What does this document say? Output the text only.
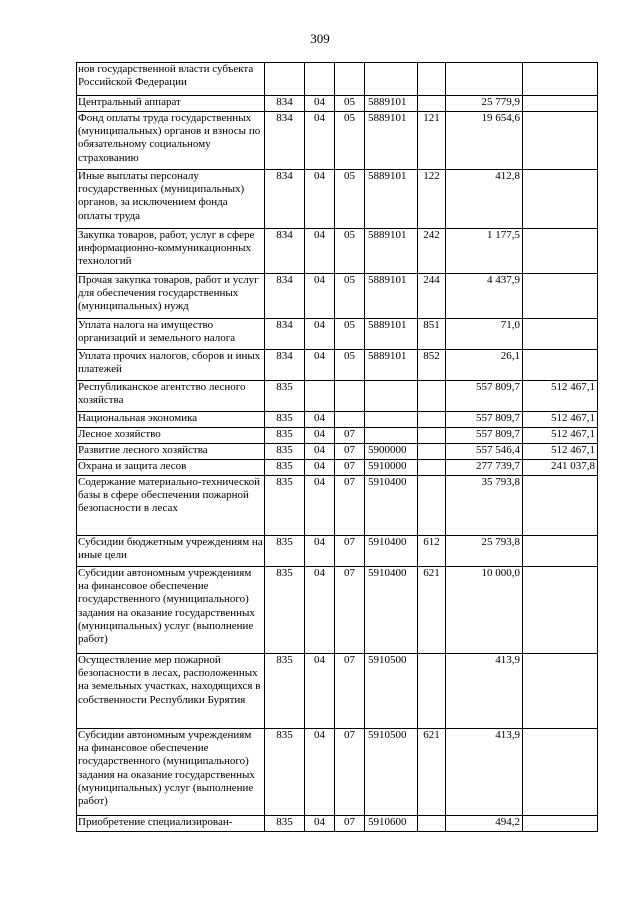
309
нов государственной власти субъекта Российской Федерации							
Центральный аппарат	834	04	05	5889101		25 779,9	
Фонд оплаты труда государственных (муниципальных) органов и взносы по обязательному социальному страхованию	834	04	05	5889101	121	19 654,6	
Иные выплаты персоналу государственных (муниципальных) органов, за исключением фонда оплаты труда	834	04	05	5889101	122	412,8	
Закупка товаров, работ, услуг в сфере информационно-коммуникационных технологий	834	04	05	5889101	242	1 177,5	
Прочая закупка товаров, работ и услуг для обеспечения государственных (муниципальных) нужд	834	04	05	5889101	244	4 437,9	
Уплата налога на имущество организаций и земельного налога	834	04	05	5889101	851	71,0	
Уплата прочих налогов, сборов и иных платежей	834	04	05	5889101	852	26,1	
Республиканское агентство лесного хозяйства	835					557 809,7	512 467,1
Национальная экономика	835	04				557 809,7	512 467,1
Лесное хозяйство	835	04	07			557 809,7	512 467,1
Развитие лесного хозяйства	835	04	07	5900000		557 546,4	512 467,1
Охрана и защита лесов	835	04	07	5910000		277 739,7	241 037,8
Содержание материально-технической базы в сфере обеспечения пожарной безопасности в лесах	835	04	07	5910400		35 793,8	
Субсидии бюджетным учреждениям на иные цели	835	04	07	5910400	612	25 793,8	
Субсидии автономным учреждениям на финансовое обеспечение государственного (муниципального) задания на оказание государственных (муниципальных) услуг (выполнение работ)	835	04	07	5910400	621	10 000,0	
Осуществление мер пожарной безопасности в лесах, расположенных на земельных участках, находящихся в собственности Республики Бурятия	835	04	07	5910500		413,9	
Субсидии автономным учреждениям на финансовое обеспечение государственного (муниципального) задания на оказание государственных (муниципальных) услуг (выполнение работ)	835	04	07	5910500	621	413,9	
Приобретение специализирован-	835	04	07	5910600		494,2	
